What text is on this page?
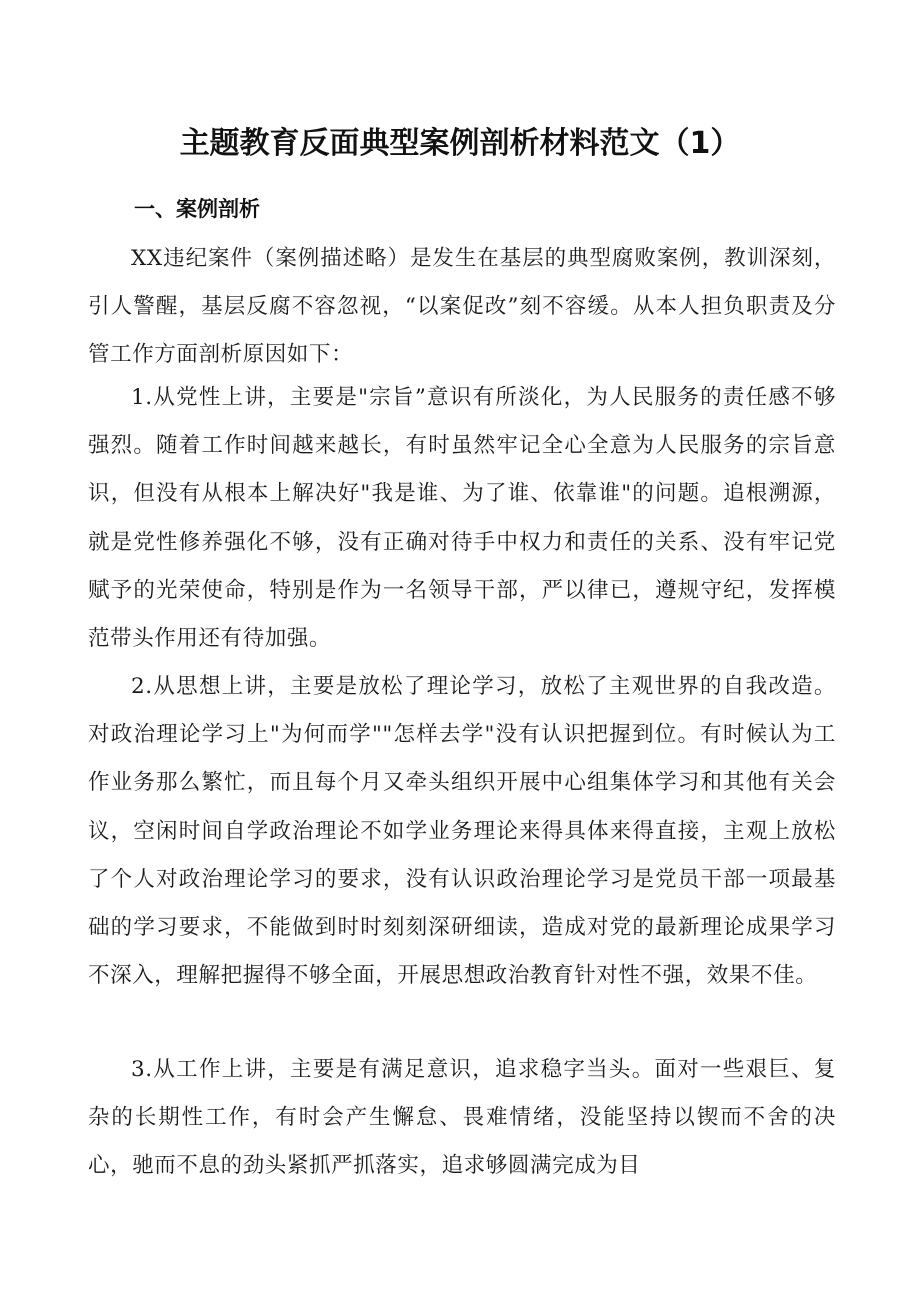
主题教育反面典型案例剖析材料范文（1）
一、案例剖析

XX违纪案件（案例描述略）是发生在基层的典型腐败案例，教训深刻，引人警醒，基层反腐不容忽视，“以案促改”刻不容缓。从本人担负职责及分管工作方面剖析原因如下：

1.从党性上讲，主要是"宗旨”意识有所淡化，为人民服务的责任感不够强烈。随着工作时间越来越长，有时虽然牢记全心全意为人民服务的宗旨意识，但没有从根本上解决好"我是谁、为了谁、依靠谁"的问题。追根溯源，就是党性修养强化不够，没有正确对待手中权力和责任的关系、没有牢记党赋予的光荣使命，特别是作为一名领导干部，严以律已，遵规守纪，发挥模范带头作用还有待加强。

2.从思想上讲，主要是放松了理论学习，放松了主观世界的自我改造。对政治理论学习上"为何而学""怎样去学"没有认识把握到位。有时候认为工作业务那么繁忙，而且每个月又牵头组织开展中心组集体学习和其他有关会议，空闲时间自学政治理论不如学业务理论来得具体来得直接，主观上放松了个人对政治理论学习的要求，没有认识政治理论学习是党员干部一项最基础的学习要求，不能做到时时刻刻深研细读，造成对党的最新理论成果学习不深入，理解把握得不够全面，开展思想政治教育针对性不强，效果不佳。

3.从工作上讲，主要是有满足意识，追求稳字当头。面对一些艰巨、复杂的长期性工作，有时会产生懈怠、畏难情绪，没能坚持以锲而不舍的决心，驰而不息的劲头紧抓严抓落实，追求够圆满完成为目
